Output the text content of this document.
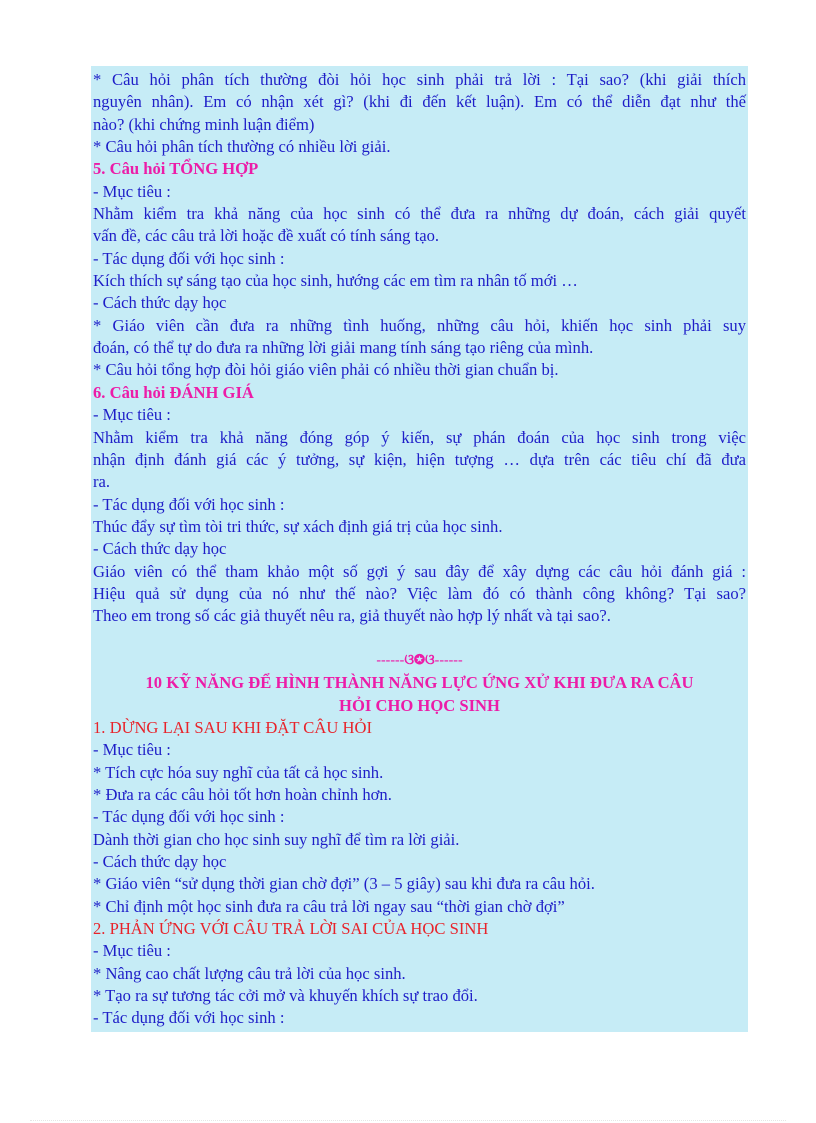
* Câu hỏi phân tích thường đòi hỏi học sinh phải trả lời : Tại sao? (khi giải thích
nguyên nhân). Em có nhận xét gì? (khi đi đến kết luận). Em có thể diễn đạt như thế
nào? (khi chứng minh luận điểm)
* Câu hỏi phân tích thường có nhiều lời giải.
5. Câu hỏi TỔNG HỢP
- Mục tiêu :
Nhằm kiểm tra khả năng của học sinh có thể đưa ra những dự đoán, cách giải quyết
vấn đề, các câu trả lời hoặc đề xuất có tính sáng tạo.
- Tác dụng đối với học sinh :
Kích thích sự sáng tạo của học sinh, hướng các em tìm ra nhân tố mới …
- Cách thức dạy học
* Giáo viên cần đưa ra những tình huống, những câu hỏi, khiến học sinh phải suy
đoán, có thể tự do đưa ra những lời giải mang tính sáng tạo riêng của mình.
* Câu hỏi tổng hợp đòi hỏi giáo viên phải có nhiều thời gian chuẩn bị.
6. Câu hỏi ĐÁNH GIÁ
- Mục tiêu :
Nhằm kiểm tra khả năng đóng góp ý kiến, sự phán đoán của học sinh trong việc
nhận định đánh giá các ý tưởng, sự kiện, hiện tượng … dựa trên các tiêu chí đã đưa
ra.
- Tác dụng đối với học sinh :
Thúc đẩy sự tìm tòi tri thức, sự xách định giá trị của học sinh.
- Cách thức dạy học
Giáo viên có thể tham khảo một số gợi ý sau đây để xây dựng các câu hỏi đánh giá :
Hiệu quả sử dụng của nó như thế nào? Việc làm đó có thành công không? Tại sao?
Theo em trong số các giả thuyết nêu ra, giả thuyết nào hợp lý nhất và tại sao?.
------ଓ✪ଓ------
10 KỸ NĂNG ĐỂ HÌNH THÀNH NĂNG LỰC ỨNG XỬ KHI ĐƯA RA CÂU
HỎI CHO HỌC SINH
1. DỪNG LẠI SAU KHI ĐẶT CÂU HỎI
- Mục tiêu :
* Tích cực hóa suy nghĩ của tất cả học sinh.
* Đưa ra các câu hỏi tốt hơn hoàn chỉnh hơn.
- Tác dụng đối với học sinh :
Dành thời gian cho học sinh suy nghĩ để tìm ra lời giải.
- Cách thức dạy học
* Giáo viên “sử dụng thời gian chờ đợi” (3 – 5 giây) sau khi đưa ra câu hỏi.
* Chỉ định một học sinh đưa ra câu trả lời ngay sau “thời gian chờ đợi”
2. PHẢN ỨNG VỚI CÂU TRẢ LỜI SAI CỦA HỌC SINH
- Mục tiêu :
* Nâng cao chất lượng câu trả lời của học sinh.
* Tạo ra sự tương tác cởi mở và khuyến khích sự trao đổi.
- Tác dụng đối với học sinh :
